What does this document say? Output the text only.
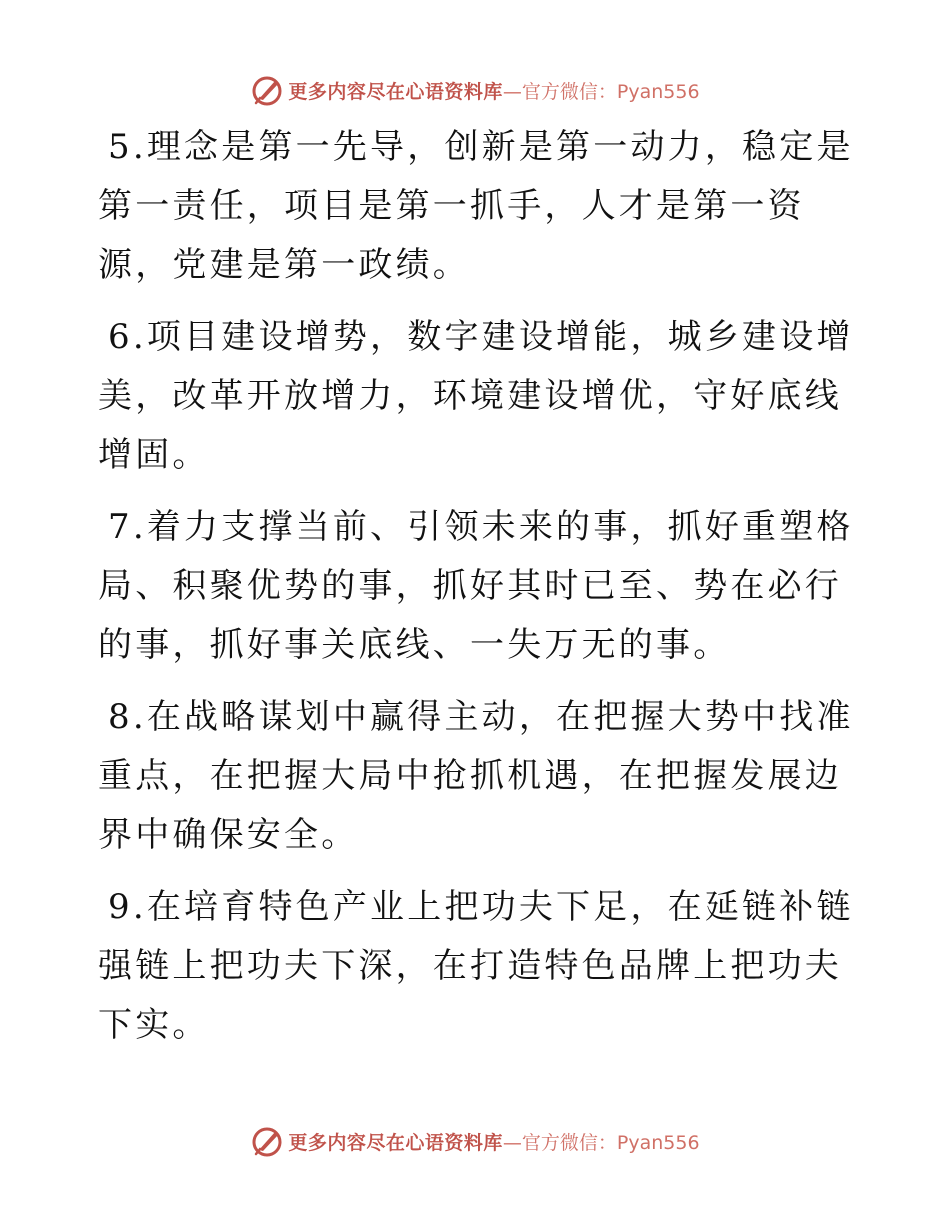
更多内容尽在心语资料库 —官方微信：Pyan556

5.理念是第一先导，创新是第一动力，稳定是第一责任，项目是第一抓手，人才是第一资源，党建是第一政绩。

6.项目建设增势，数字建设增能，城乡建设增美，改革开放增力，环境建设增优，守好底线增固。

7.着力支撑当前、引领未来的事，抓好重塑格局、积聚优势的事，抓好其时已至、势在必行的事，抓好事关底线、一失万无的事。

8.在战略谋划中赢得主动，在把握大势中找准重点，在把握大局中抢抓机遇，在把握发展边界中确保安全。

9.在培育特色产业上把功夫下足，在延链补链强链上把功夫下深，在打造特色品牌上把功夫下实。

更多内容尽在心语资料库 —官方微信：Pyan556
